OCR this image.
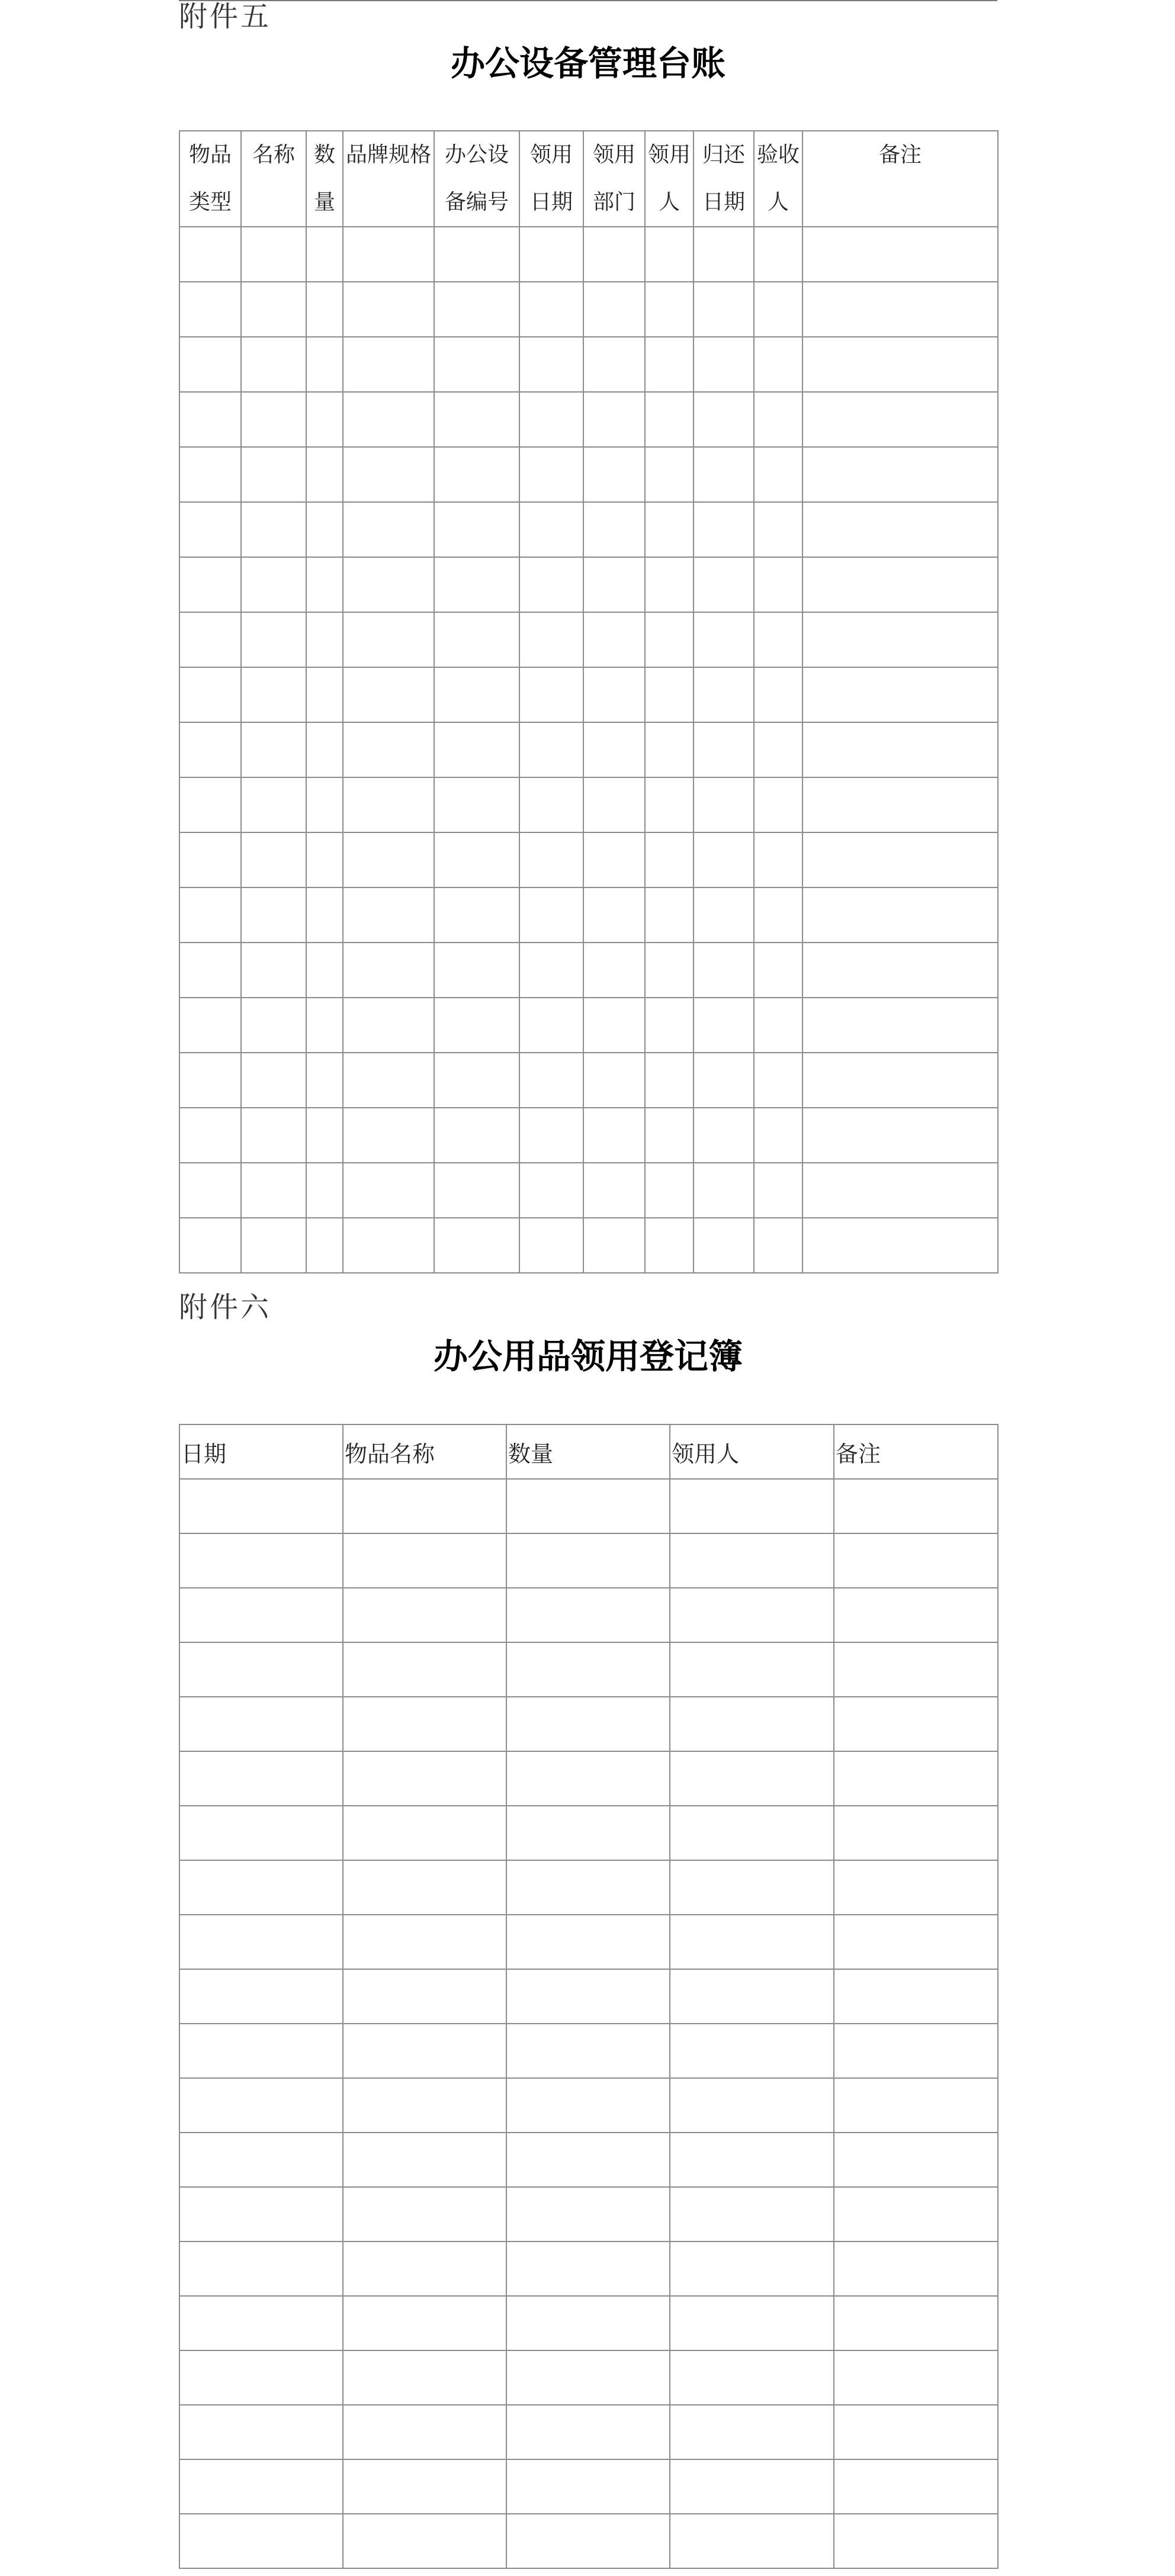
附件五
办公设备管理台账
物品类型	名称	数量	品牌规格	办公设备编号	领用日期	领用部门	领用人	归还日期	验收人	备注

附件六
办公用品领用登记簿
日期	物品名称	数量	领用人	备注
